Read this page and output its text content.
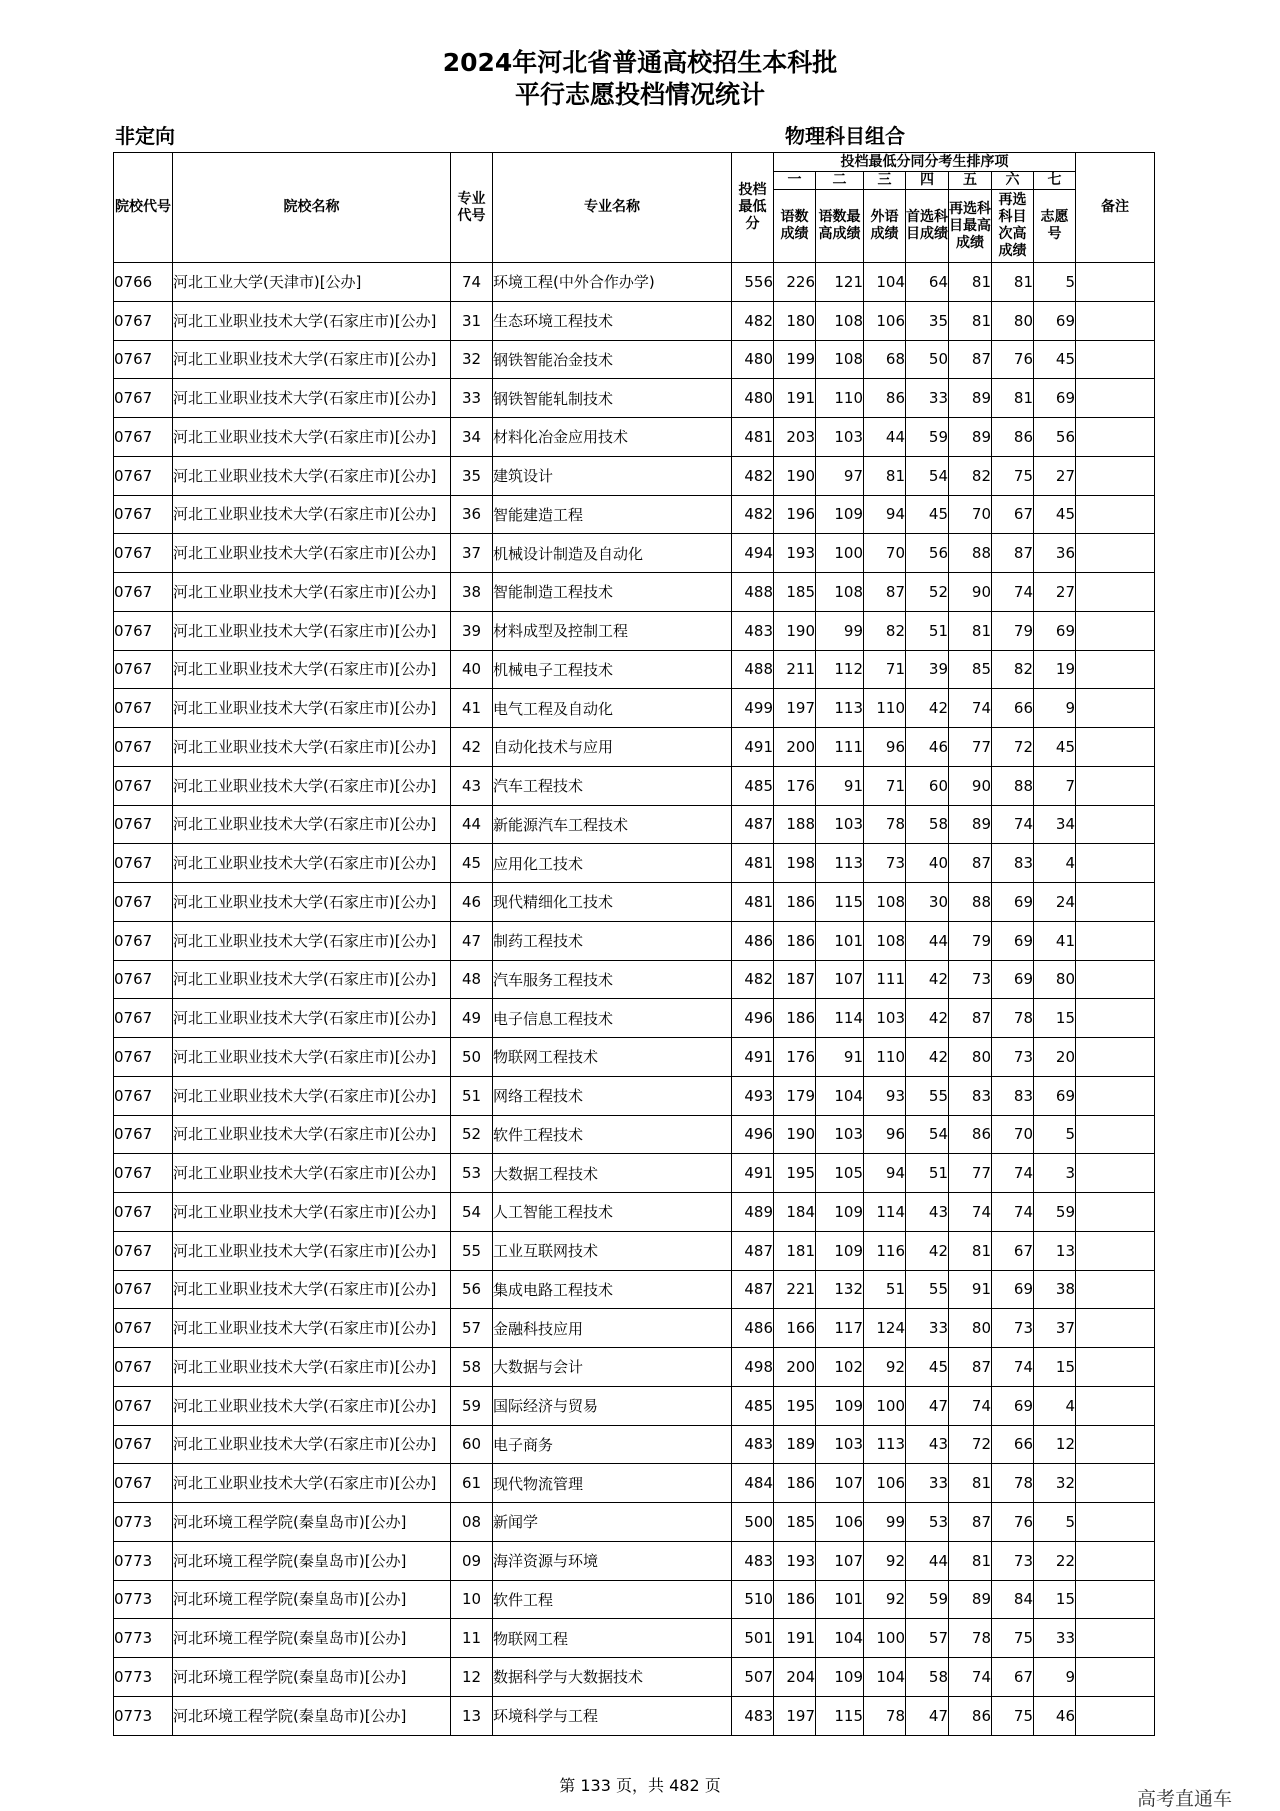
2024年河北省普通高校招生本科批
平行志愿投档情况统计
非定向	物理科目组合
院校代号	院校名称	专业代号	专业名称	投档最低分	投档最低分同分考生排序项							备注
					一	二	三	四	五	六	七	
					语数成绩	语数最高成绩	外语成绩	首选科目成绩	再选科目最高成绩	再选科目次高成绩	志愿号	
0766	河北工业大学(天津市)[公办]	74	环境工程(中外合作办学)	556	226	121	104	64	81	81	5	
0767	河北工业职业技术大学(石家庄市)[公办]	31	生态环境工程技术	482	180	108	106	35	81	80	69	
0767	河北工业职业技术大学(石家庄市)[公办]	32	钢铁智能冶金技术	480	199	108	68	50	87	76	45	
0767	河北工业职业技术大学(石家庄市)[公办]	33	钢铁智能轧制技术	480	191	110	86	33	89	81	69	
0767	河北工业职业技术大学(石家庄市)[公办]	34	材料化冶金应用技术	481	203	103	44	59	89	86	56	
0767	河北工业职业技术大学(石家庄市)[公办]	35	建筑设计	482	190	97	81	54	82	75	27	
0767	河北工业职业技术大学(石家庄市)[公办]	36	智能建造工程	482	196	109	94	45	70	67	45	
0767	河北工业职业技术大学(石家庄市)[公办]	37	机械设计制造及自动化	494	193	100	70	56	88	87	36	
0767	河北工业职业技术大学(石家庄市)[公办]	38	智能制造工程技术	488	185	108	87	52	90	74	27	
0767	河北工业职业技术大学(石家庄市)[公办]	39	材料成型及控制工程	483	190	99	82	51	81	79	69	
0767	河北工业职业技术大学(石家庄市)[公办]	40	机械电子工程技术	488	211	112	71	39	85	82	19	
0767	河北工业职业技术大学(石家庄市)[公办]	41	电气工程及自动化	499	197	113	110	42	74	66	9	
0767	河北工业职业技术大学(石家庄市)[公办]	42	自动化技术与应用	491	200	111	96	46	77	72	45	
0767	河北工业职业技术大学(石家庄市)[公办]	43	汽车工程技术	485	176	91	71	60	90	88	7	
0767	河北工业职业技术大学(石家庄市)[公办]	44	新能源汽车工程技术	487	188	103	78	58	89	74	34	
0767	河北工业职业技术大学(石家庄市)[公办]	45	应用化工技术	481	198	113	73	40	87	83	4	
0767	河北工业职业技术大学(石家庄市)[公办]	46	现代精细化工技术	481	186	115	108	30	88	69	24	
0767	河北工业职业技术大学(石家庄市)[公办]	47	制药工程技术	486	186	101	108	44	79	69	41	
0767	河北工业职业技术大学(石家庄市)[公办]	48	汽车服务工程技术	482	187	107	111	42	73	69	80	
0767	河北工业职业技术大学(石家庄市)[公办]	49	电子信息工程技术	496	186	114	103	42	87	78	15	
0767	河北工业职业技术大学(石家庄市)[公办]	50	物联网工程技术	491	176	91	110	42	80	73	20	
0767	河北工业职业技术大学(石家庄市)[公办]	51	网络工程技术	493	179	104	93	55	83	83	69	
0767	河北工业职业技术大学(石家庄市)[公办]	52	软件工程技术	496	190	103	96	54	86	70	5	
0767	河北工业职业技术大学(石家庄市)[公办]	53	大数据工程技术	491	195	105	94	51	77	74	3	
0767	河北工业职业技术大学(石家庄市)[公办]	54	人工智能工程技术	489	184	109	114	43	74	74	59	
0767	河北工业职业技术大学(石家庄市)[公办]	55	工业互联网技术	487	181	109	116	42	81	67	13	
0767	河北工业职业技术大学(石家庄市)[公办]	56	集成电路工程技术	487	221	132	51	55	91	69	38	
0767	河北工业职业技术大学(石家庄市)[公办]	57	金融科技应用	486	166	117	124	33	80	73	37	
0767	河北工业职业技术大学(石家庄市)[公办]	58	大数据与会计	498	200	102	92	45	87	74	15	
0767	河北工业职业技术大学(石家庄市)[公办]	59	国际经济与贸易	485	195	109	100	47	74	69	4	
0767	河北工业职业技术大学(石家庄市)[公办]	60	电子商务	483	189	103	113	43	72	66	12	
0767	河北工业职业技术大学(石家庄市)[公办]	61	现代物流管理	484	186	107	106	33	81	78	32	
0773	河北环境工程学院(秦皇岛市)[公办]	08	新闻学	500	185	106	99	53	87	76	5	
0773	河北环境工程学院(秦皇岛市)[公办]	09	海洋资源与环境	483	193	107	92	44	81	73	22	
0773	河北环境工程学院(秦皇岛市)[公办]	10	软件工程	510	186	101	92	59	89	84	15	
0773	河北环境工程学院(秦皇岛市)[公办]	11	物联网工程	501	191	104	100	57	78	75	33	
0773	河北环境工程学院(秦皇岛市)[公办]	12	数据科学与大数据技术	507	204	109	104	58	74	67	9	
0773	河北环境工程学院(秦皇岛市)[公办]	13	环境科学与工程	483	197	115	78	47	86	75	46	
第 133 页，共 482 页
高考直通车
